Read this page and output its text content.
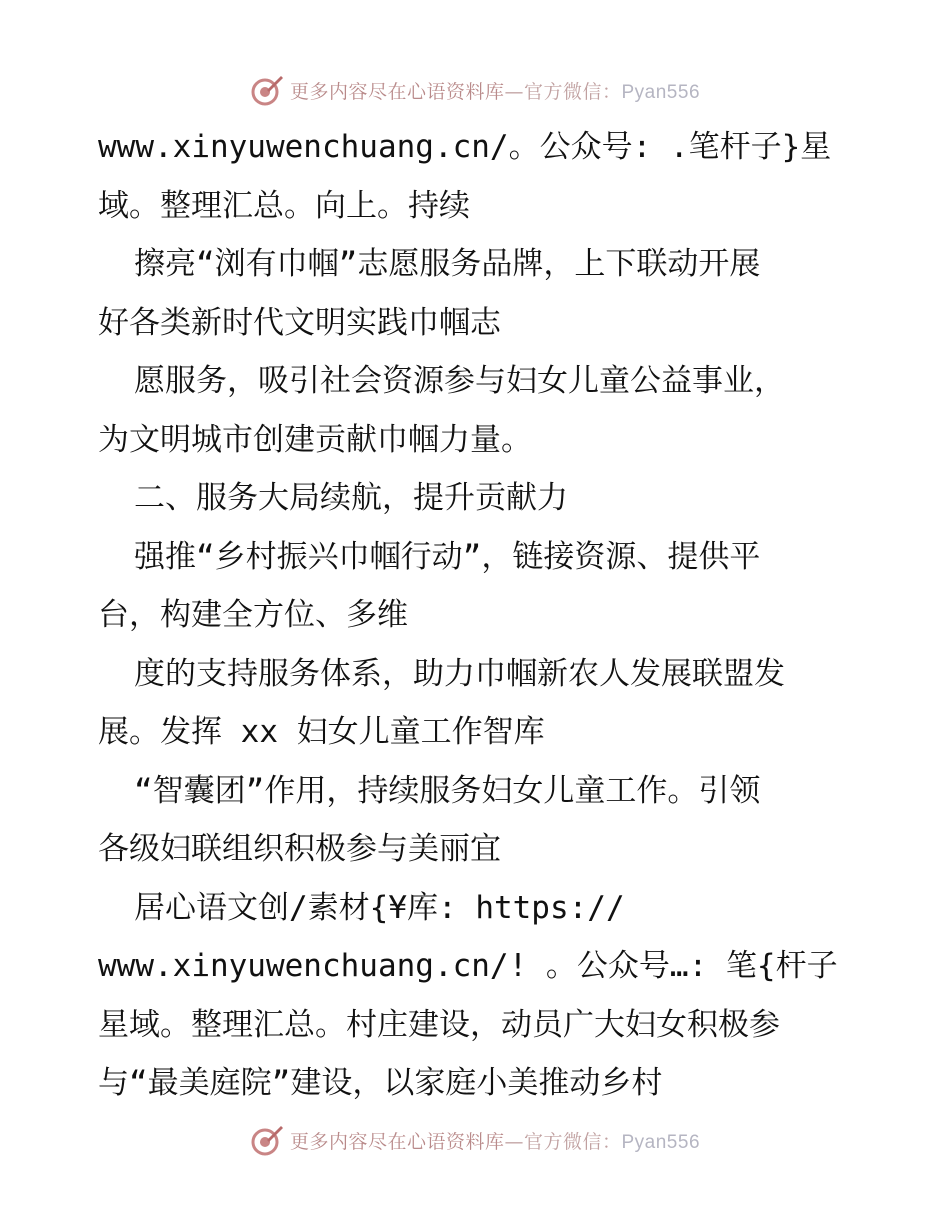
更多内容尽在心语资料库—官方微信：Pyan556
www.xinyuwenchuang.cn/。公众号: .笔杆子}星
域。整理汇总。向上。持续
擦亮“浏有巾帼”志愿服务品牌，上下联动开展
好各类新时代文明实践巾帼志
愿服务，吸引社会资源参与妇女儿童公益事业，
为文明城市创建贡献巾帼力量。
二、服务大局续航，提升贡献力
强推“乡村振兴巾帼行动”，链接资源、提供平
台，构建全方位、多维
度的支持服务体系，助力巾帼新农人发展联盟发
展。发挥 xx 妇女儿童工作智库
“智囊团”作用，持续服务妇女儿童工作。引领
各级妇联组织积极参与美丽宜
居心语文创/素材{¥库: https://
www.xinyuwenchuang.cn/! 。公众号…: 笔{杆子
星域。整理汇总。村庄建设，动员广大妇女积极参
与“最美庭院”建设，以家庭小美推动乡村
更多内容尽在心语资料库—官方微信：Pyan556
